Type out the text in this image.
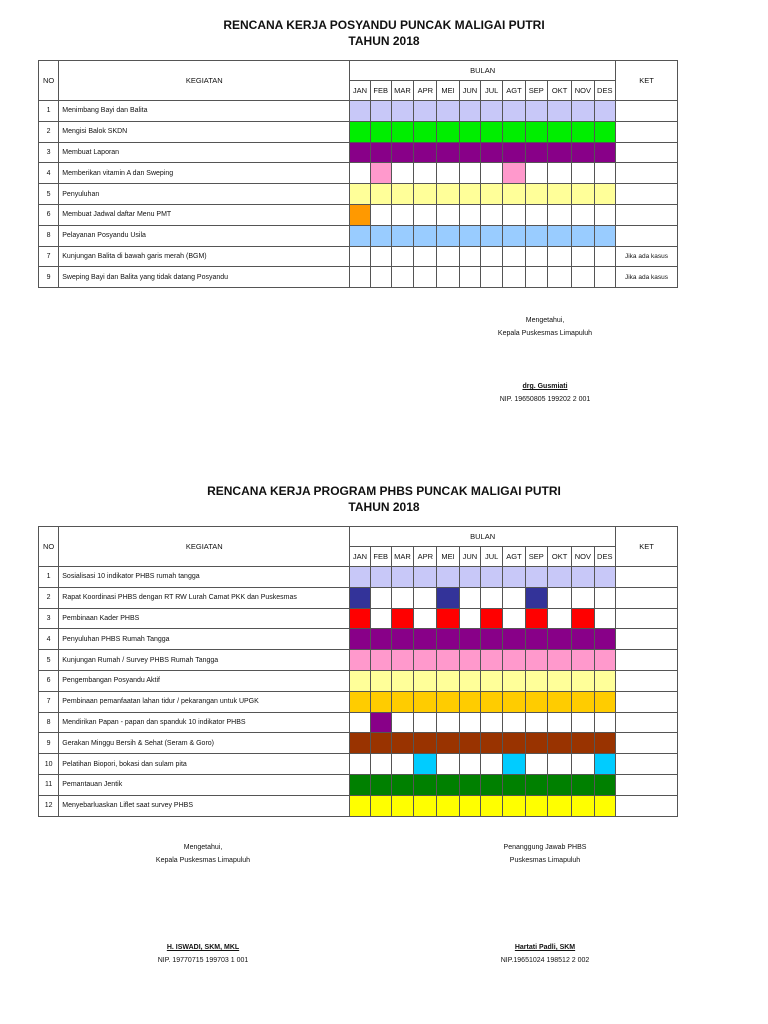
RENCANA KERJA POSYANDU PUNCAK MALIGAI PUTRI

TAHUN 2018

NO	KEGIATAN	BULAN												KET
		JAN	FEB	MAR	APR	MEI	JUN	JUL	AGT	SEP	OKT	NOV	DES	
1	Menimbang Bayi dan Balita													
2	Mengisi Balok SKDN													
3	Membuat Laporan													
4	Memberikan vitamin A dan Sweping													
5	Penyuluhan													
6	Membuat Jadwal daftar Menu PMT													
8	Pelayanan Posyandu Usila													
7	Kunjungan Balita di bawah garis merah (BGM)													Jika ada kasus
9	Sweping Bayi dan Balita yang tidak datang Posyandu													Jika ada kasus
Mengetahui,
Kepala Puskesmas Limapuluh
drg. Gusmiati
NIP. 19650805 199202 2 001

RENCANA KERJA PROGRAM PHBS PUNCAK MALIGAI PUTRI

TAHUN 2018

NO	KEGIATAN	BULAN												KET
		JAN	FEB	MAR	APR	MEI	JUN	JUL	AGT	SEP	OKT	NOV	DES	
1	Sosialisasi 10 indikator PHBS rumah tangga													
2	Rapat Koordinasi PHBS dengan RT RW Lurah Camat PKK dan Puskesmas													
3	Pembinaan Kader PHBS													
4	Penyuluhan PHBS Rumah Tangga													
5	Kunjungan Rumah / Survey PHBS Rumah Tangga													
6	Pengembangan Posyandu Aktif													
7	Pembinaan pemanfaatan lahan tidur / pekarangan untuk UPGK													
8	Mendirikan Papan - papan dan spanduk 10 indikator PHBS													
9	Gerakan Minggu Bersih & Sehat (Seram & Goro)													
10	Pelatihan Biopori, bokasi dan sulam pita													
11	Pemantauan Jentik													
12	Menyebarluaskan Liflet saat survey PHBS													
Mengetahui,
Kepala Puskesmas Limapuluh
H. ISWADI, SKM, MKL
NIP. 19770715 199703 1 001
Penanggung Jawab PHBS
Puskesmas Limapuluh
Hartati Padli, SKM
NIP.19651024 198512 2 002
